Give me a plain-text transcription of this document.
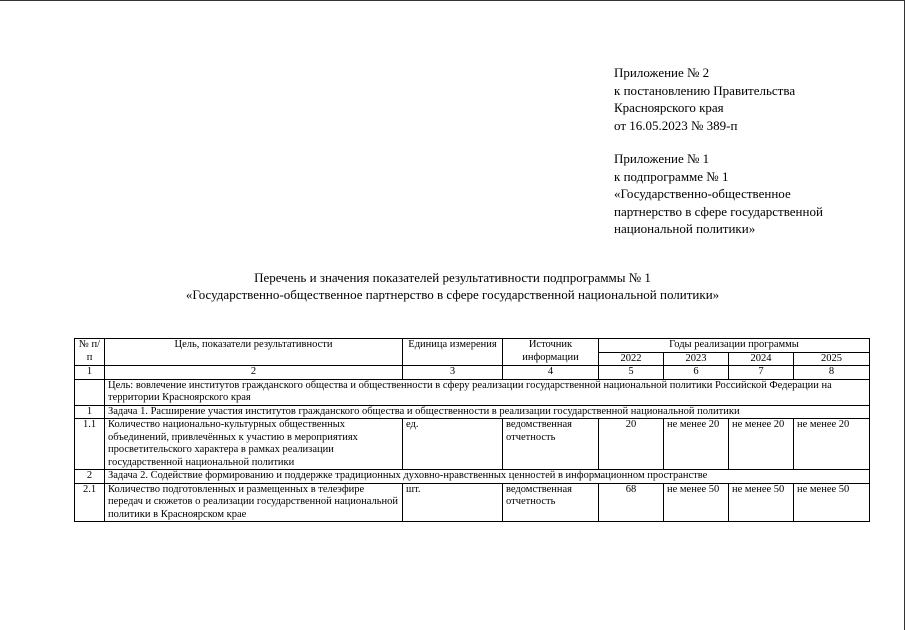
Приложение № 2
к постановлению Правительства
Красноярского края
от 16.05.2023 № 389-п
Приложение № 1
к подпрограмме № 1
«Государственно-общественное
партнерство в сфере государственной
национальной политики»
Перечень и значения показателей результативности подпрограммы № 1
«Государственно-общественное партнерство в сфере государственной национальной политики»
№ п/п	Цель, показатели результативности	Единица измерения	Источник информации	Годы реализации программы			
				2022	2023	2024	2025
1	2	3	4	5	6	7	8
	Цель: вовлечение институтов гражданского общества и общественности в сферу реализации государственной национальной политики Российской Федерации на территории Красноярского края						
1	Задача 1. Расширение участия институтов гражданского общества и общественности в реализации государственной национальной политики						
1.1	Количество национально-культурных общественных объединений, привлечённых к участию в мероприятиях просветительского характера в рамках реализации государственной национальной политики	ед.	ведомственная отчетность	20	не менее 20	не менее 20	не менее 20
2	Задача 2. Содействие формированию и поддержке традиционных духовно-нравственных ценностей в информационном пространстве						
2.1	Количество подготовленных и размещенных в телеэфире передач и сюжетов о реализации государственной национальной политики в Красноярском крае	шт.	ведомственная отчетность	68	не менее 50	не менее 50	не менее 50
